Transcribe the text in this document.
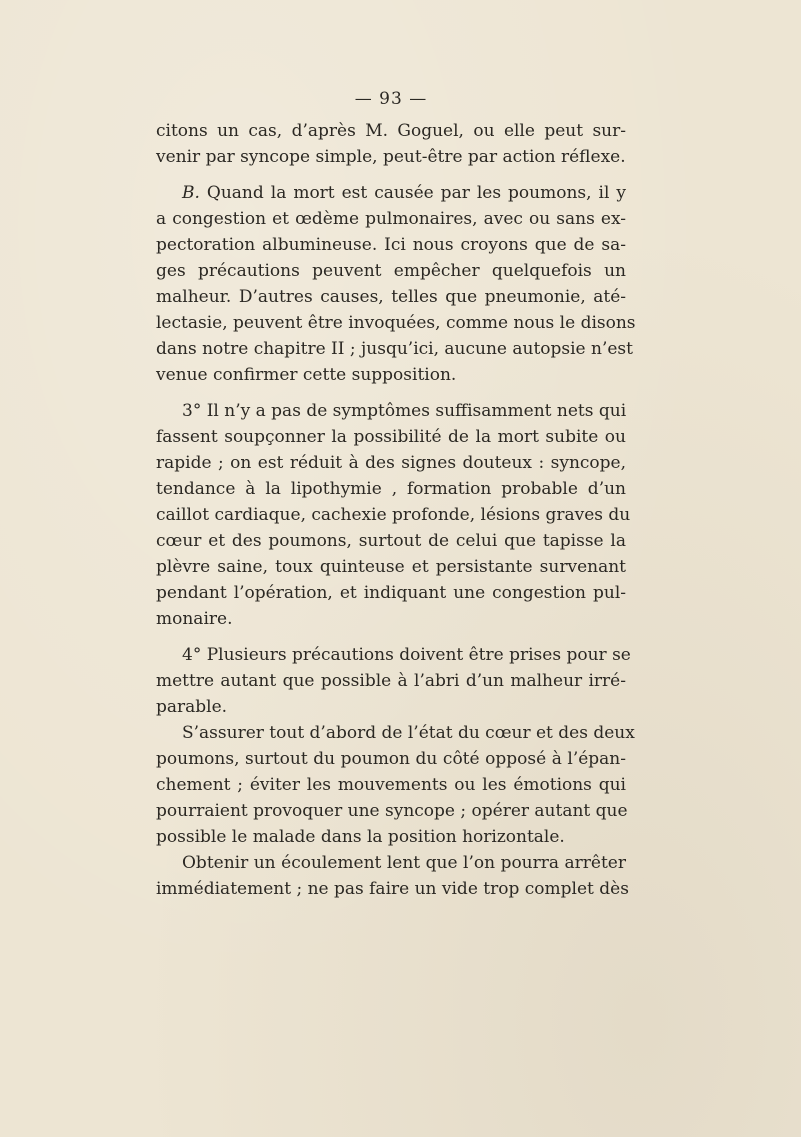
— 93 —
citons un cas, d’après M. Goguel, ou elle peut sur-
venir par syncope simple, peut-être par action réflexe.
B. Quand la mort est causée par les poumons, il y
a congestion et œdème pulmonaires, avec ou sans ex-
pectoration albumineuse. Ici nous croyons que de sa-
ges précautions peuvent empêcher quelquefois un
malheur. D’autres causes, telles que pneumonie, até-
lectasie, peuvent être invoquées, comme nous le disons
dans notre chapitre II ; jusqu’ici, aucune autopsie n’est
venue confirmer cette supposition.
3° Il n’y a pas de symptômes suffisamment nets qui
fassent soupçonner la possibilité de la mort subite ou
rapide ; on est réduit à des signes douteux : syncope,
tendance à la lipothymie , formation probable d’un
caillot cardiaque, cachexie profonde, lésions graves du
cœur et des poumons, surtout de celui que tapisse la
plèvre saine, toux quinteuse et persistante survenant
pendant l’opération, et indiquant une congestion pul-
monaire.
4° Plusieurs précautions doivent être prises pour se
mettre autant que possible à l’abri d’un malheur irré-
parable.
S’assurer tout d’abord de l’état du cœur et des deux
poumons, surtout du poumon du côté opposé à l’épan-
chement ; éviter les mouvements ou les émotions qui
pourraient provoquer une syncope ; opérer autant que
possible le malade dans la position horizontale.
Obtenir un écoulement lent que l’on pourra arrêter
immédiatement ; ne pas faire un vide trop complet dès
